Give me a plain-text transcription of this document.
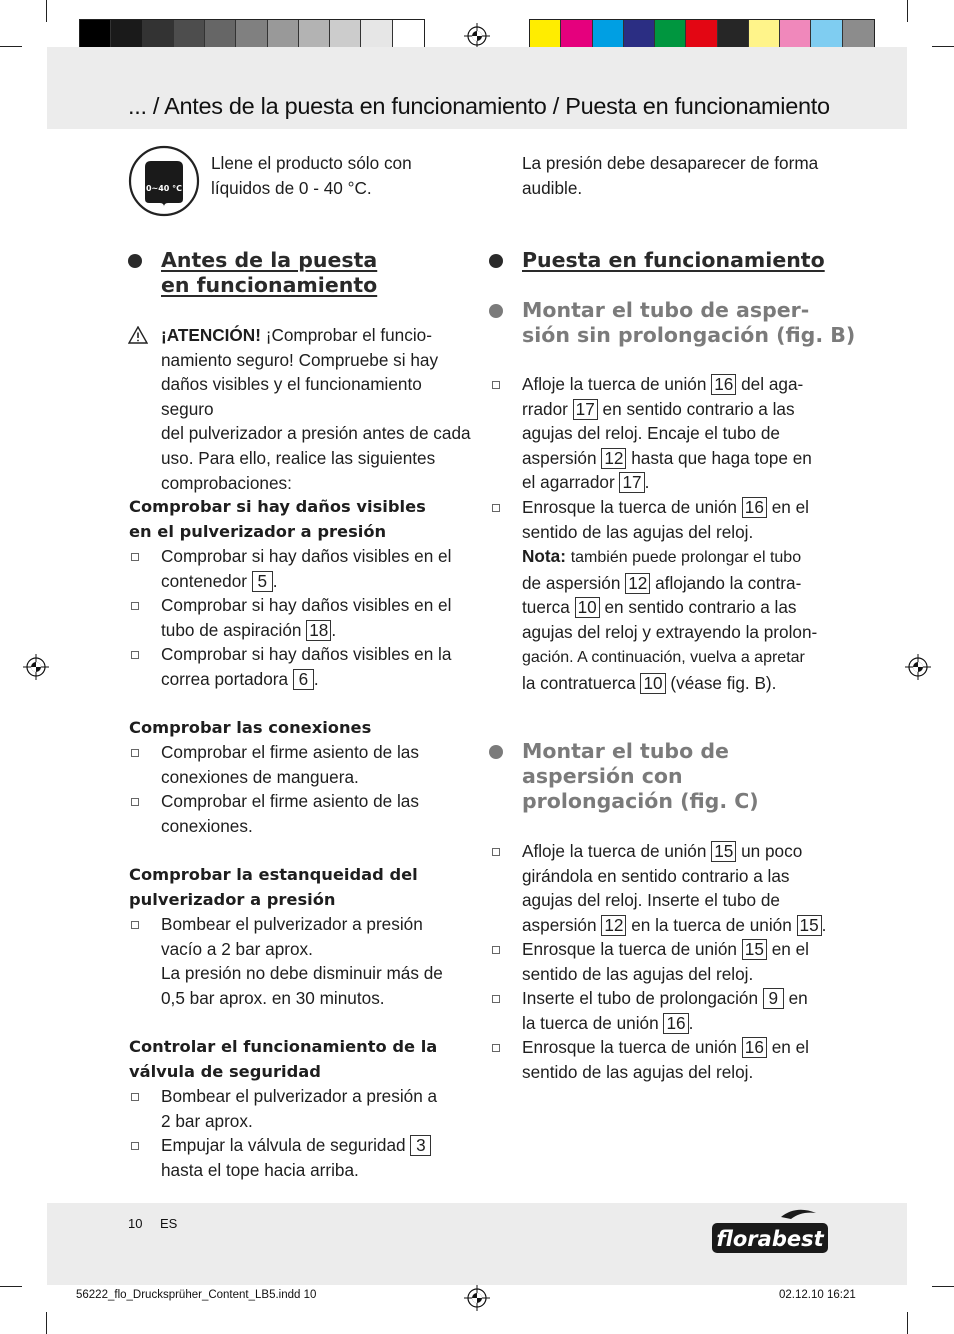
... / Antes de la puesta en funcionamiento / Puesta en funcionamiento
0~40 °C
Llene el producto sólo con líquidos de 0 - 40 °C.
La presión debe desaparecer de forma audible.
Antes de la puesta
en funcionamiento
¡ATENCIÓN! ¡Comprobar el funcio-
namiento seguro! Compruebe si hay
daños visibles y el funcionamiento seguro
del pulverizador a presión antes de cada
uso. Para ello, realice las siguientes
comprobaciones:
Comprobar si hay daños visibles
en el pulverizador a presión
Comprobar si hay daños visibles en el
contenedor 5 .
Comprobar si hay daños visibles en el
tubo de aspiración 18 .
Comprobar si hay daños visibles en la
correa portadora 6 .
Comprobar las conexiones
Comprobar el firme asiento de las
conexiones de manguera.
Comprobar el firme asiento de las
conexiones.
Comprobar la estanqueidad del
pulverizador a presión
Bombear el pulverizador a presión
vacío a 2 bar aprox.
La presión no debe disminuir más de
0,5 bar aprox. en 30 minutos.
Controlar el funcionamiento de la
válvula de seguridad
Bombear el pulverizador a presión a
2 bar aprox.
Empujar la válvula de seguridad 3
hasta el tope hacia arriba.
Puesta en funcionamiento
Montar el tubo de asper-
sión sin prolongación (fig. B)
Afloje la tuerca de unión 16 del aga-
rrador 17 en sentido contrario a las
agujas del reloj. Encaje el tubo de
aspersión 12 hasta que haga tope en
el agarrador 17 .
Enrosque la tuerca de unión 16 en el
sentido de las agujas del reloj.
Nota: también puede prolongar el tubo
de aspersión 12 aflojando la contra-
tuerca 10 en sentido contrario a las
agujas del reloj y extrayendo la prolon-
gación. A continuación, vuelva a apretar
la contratuerca 10 (véase fig. B).
Montar el tubo de
aspersión con
prolongación (fig. C)
Afloje la tuerca de unión 15 un poco
girándola en sentido contrario a las
agujas del reloj. Inserte el tubo de
aspersión 12 en la tuerca de unión 15 .
Enrosque la tuerca de unión 15 en el
sentido de las agujas del reloj.
Inserte el tubo de prolongación 9 en
la tuerca de unión 16 .
Enrosque la tuerca de unión 16 en el
sentido de las agujas del reloj.
10 ES
florabest
56222_flo_Drucksprüher_Content_LB5.indd 10	02.12.10 16:21
